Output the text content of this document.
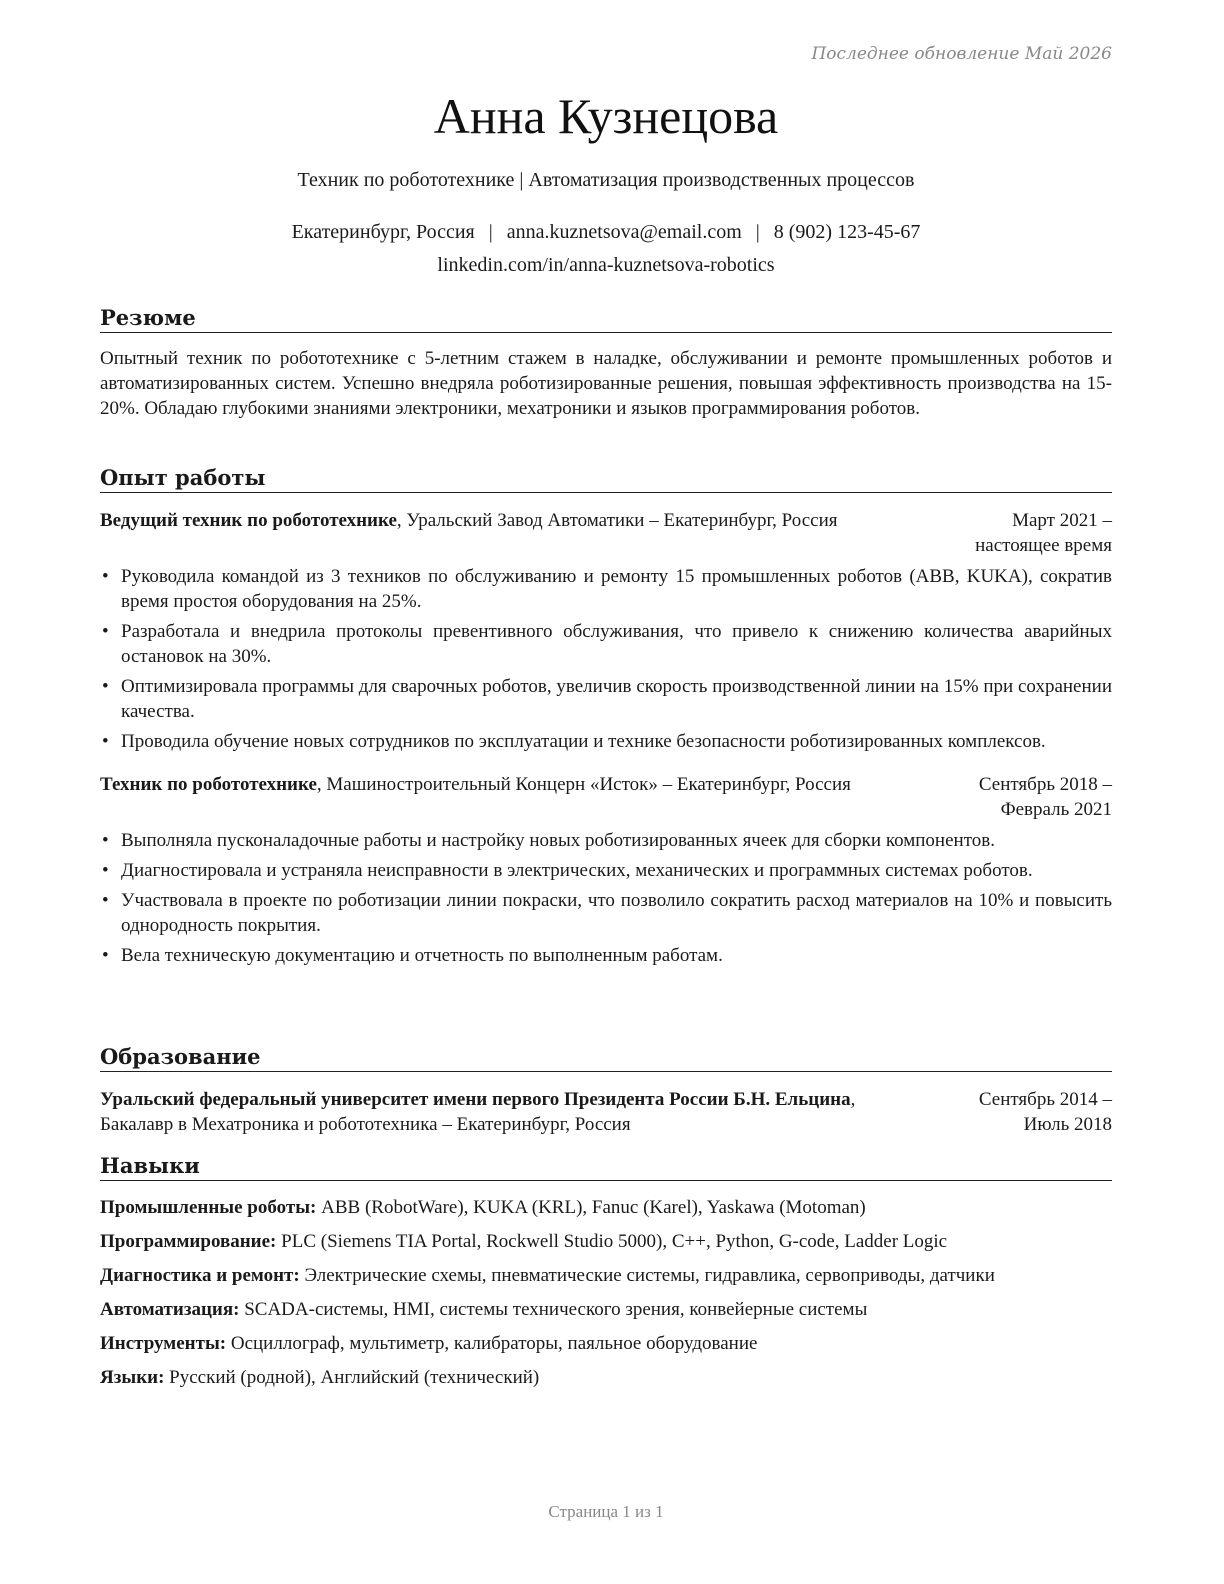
Последнее обновление Май 2026
Анна Кузнецова
Техник по робототехнике | Автоматизация производственных процессов
Екатеринбург, Россия | anna.kuznetsova@email.com | 8 (902) 123-45-67
linkedin.com/in/anna-kuznetsova-robotics
Резюме

Опытный техник по робототехнике с 5-летним стажем в наладке, обслуживании и ремонте промышленных роботов и автоматизированных систем. Успешно внедряла роботизированные решения, повышая эффективность производства на 15-20%. Обладаю глубокими знаниями электроники, мехатроники и языков программирования роботов.

Опыт работы
Ведущий техник по робототехнике, Уральский Завод Автоматики – Екатеринбург, Россия	Март 2021 – настоящее время
• Руководила командой из 3 техников по обслуживанию и ремонту 15 промышленных роботов (ABB, KUKA), сократив время простоя оборудования на 25%.
• Разработала и внедрила протоколы превентивного обслуживания, что привело к снижению количества аварийных остановок на 30%.
• Оптимизировала программы для сварочных роботов, увеличив скорость производственной линии на 15% при сохранении качества.
• Проводила обучение новых сотрудников по эксплуатации и технике безопасности роботизированных комплексов.
Техник по робототехнике, Машиностроительный Концерн «Исток» – Екатеринбург, Россия	Сентябрь 2018 – Февраль 2021
• Выполняла пусконаладочные работы и настройку новых роботизированных ячеек для сборки компонентов.
• Диагностировала и устраняла неисправности в электрических, механических и программных системах роботов.
• Участвовала в проекте по роботизации линии покраски, что позволило сократить расход материалов на 10% и повысить однородность покрытия.
• Вела техническую документацию и отчетность по выполненным работам.
Образование
Уральский федеральный университет имени первого Президента России Б.Н. Ельцина, Бакалавр в Мехатроника и робототехника – Екатеринбург, Россия
Сентябрь 2014 – Июль 2018
Навыки
Промышленные роботы: ABB (RobotWare), KUKA (KRL), Fanuc (Karel), Yaskawa (Motoman)
Программирование: PLC (Siemens TIA Portal, Rockwell Studio 5000), C++, Python, G-code, Ladder Logic
Диагностика и ремонт: Электрические схемы, пневматические системы, гидравлика, сервоприводы, датчики
Автоматизация: SCADA-системы, HMI, системы технического зрения, конвейерные системы
Инструменты: Осциллограф, мультиметр, калибраторы, паяльное оборудование
Языки: Русский (родной), Английский (технический)
Страница 1 из 1
